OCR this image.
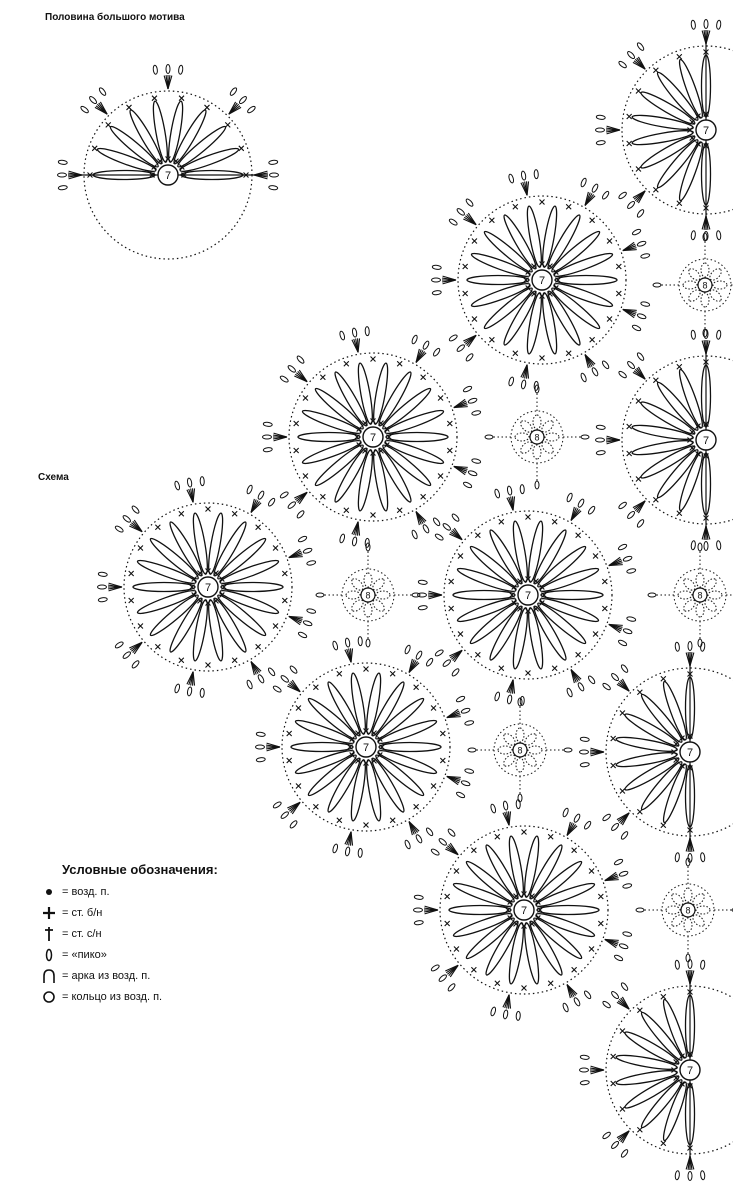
7
7
7
7
7
7
7
7
7
7
7
8
8
8
8
8
8
Половина большого мотива
Схема
Условные обозначения:
= возд. п.
= ст. б/н
= ст. с/н
= «пико»
= арка из возд. п.
= кольцо из возд. п.
